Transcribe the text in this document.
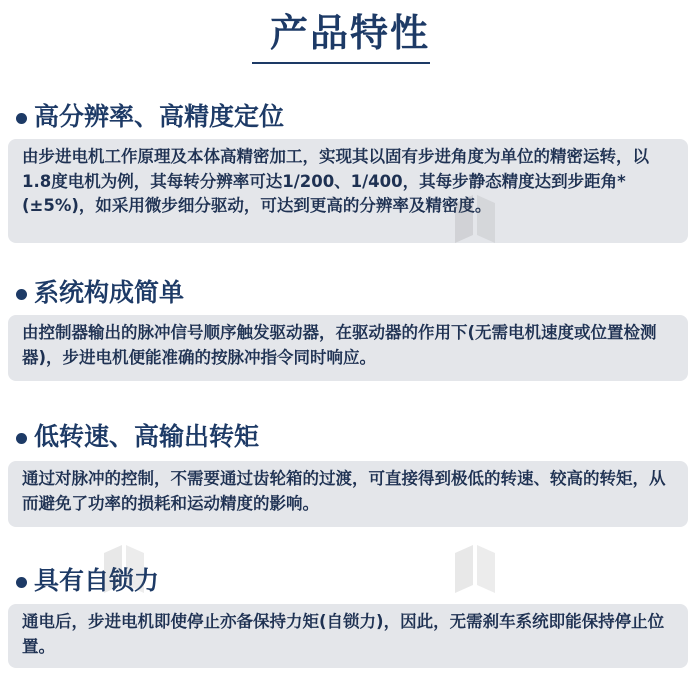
产品特性
高分辨率、高精度定位
由步进电机工作原理及本体高精密加工，实现其以固有步进角度为单位的精密运转，以1.8度电机为例，其每转分辨率可达1/200、1/400，其每步静态精度达到步距角*(±5%)，如采用微步细分驱动，可达到更高的分辨率及精密度。
系统构成简单
由控制器输出的脉冲信号顺序触发驱动器，在驱动器的作用下(无需电机速度或位置检测器)，步进电机便能准确的按脉冲指令同时响应。
低转速、高输出转矩
通过对脉冲的控制，不需要通过齿轮箱的过渡，可直接得到极低的转速、较高的转矩，从而避免了功率的损耗和运动精度的影响。
具有自锁力
通电后，步进电机即使停止亦备保持力矩(自锁力)，因此，无需刹车系统即能保持停止位置。
